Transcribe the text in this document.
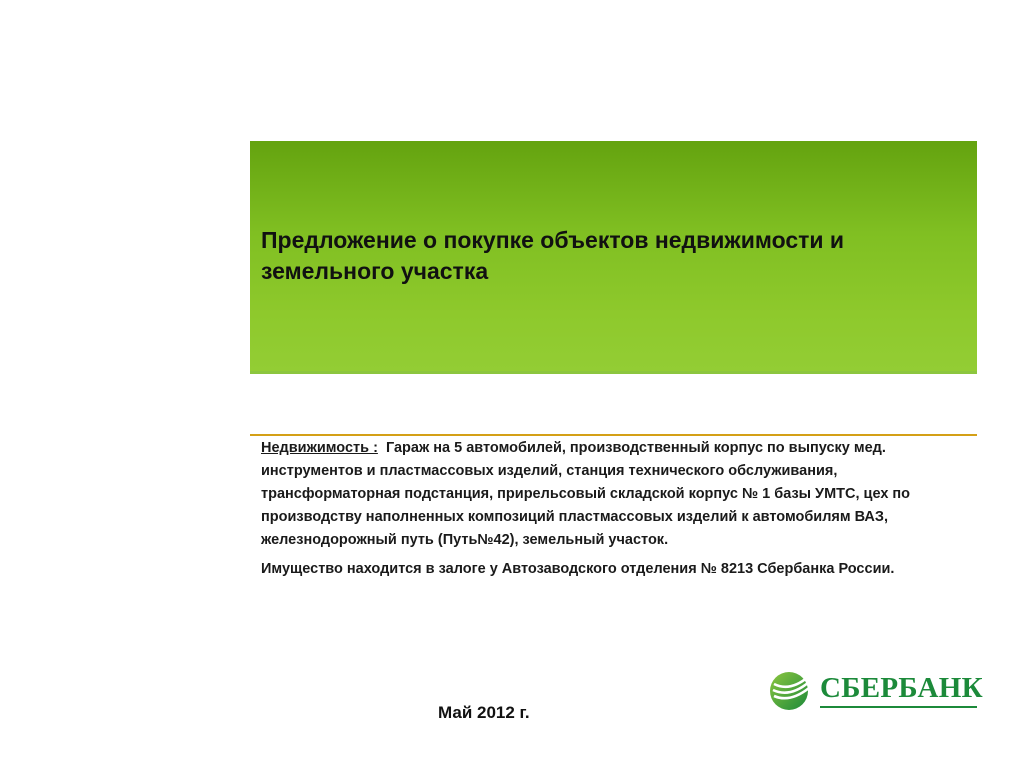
Предложение о покупке объектов недвижимости и земельного участка

Недвижимость : Гараж на 5 автомобилей, производственный корпус по выпуску мед. инструментов и пластмассовых изделий, станция технического обслуживания, трансформаторная подстанция, прирельсовый складской корпус № 1 базы УМТС, цех по производству наполненных композиций пластмассовых изделий к автомобилям ВАЗ, железнодорожный путь (Путь№42), земельный участок.

Имущество находится в залоге у Автозаводского отделения № 8213 Сбербанка России.

Май 2012 г.
СБЕРБАНК
